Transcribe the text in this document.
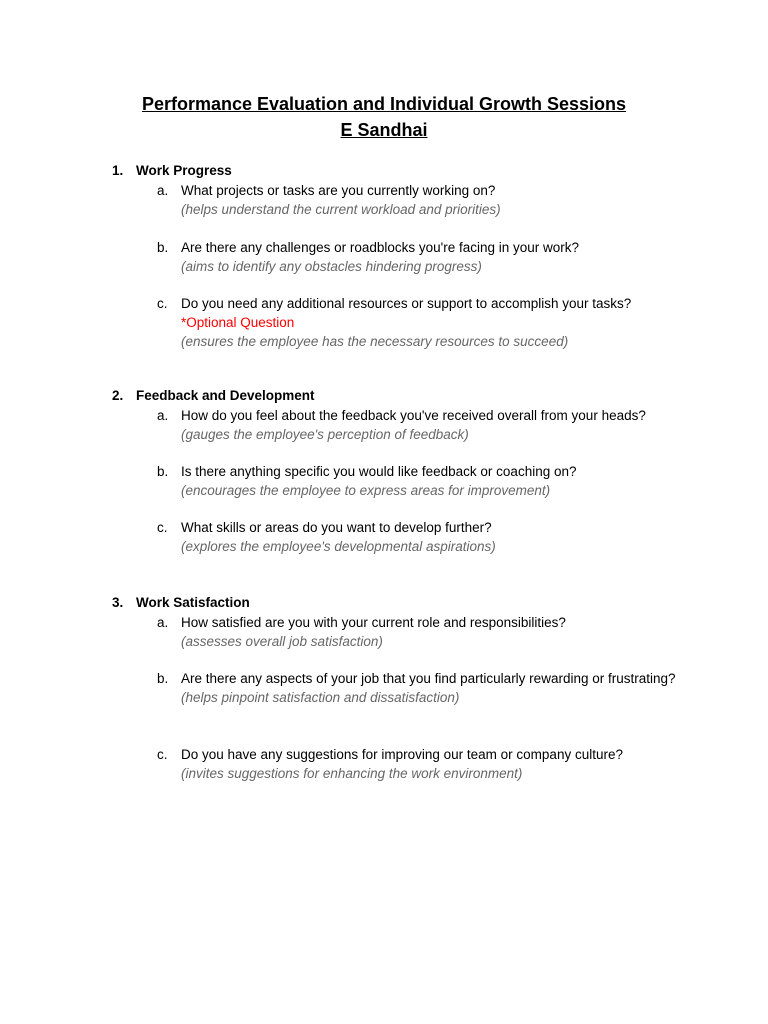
Performance Evaluation and Individual Growth Sessions

E Sandhai

1. Work Progress
a. What projects or tasks are you currently working on?
(helps understand the current workload and priorities)
b. Are there any challenges or roadblocks you're facing in your work?
(aims to identify any obstacles hindering progress)
c. Do you need any additional resources or support to accomplish your tasks?
*Optional Question
(ensures the employee has the necessary resources to succeed)
2. Feedback and Development
a. How do you feel about the feedback you've received overall from your heads?
(gauges the employee's perception of feedback)
b. Is there anything specific you would like feedback or coaching on?
(encourages the employee to express areas for improvement)
c. What skills or areas do you want to develop further?
(explores the employee's developmental aspirations)
3. Work Satisfaction
a. How satisfied are you with your current role and responsibilities?
(assesses overall job satisfaction)
b. Are there any aspects of your job that you find particularly rewarding or frustrating?
(helps pinpoint satisfaction and dissatisfaction)
c. Do you have any suggestions for improving our team or company culture?
(invites suggestions for enhancing the work environment)
